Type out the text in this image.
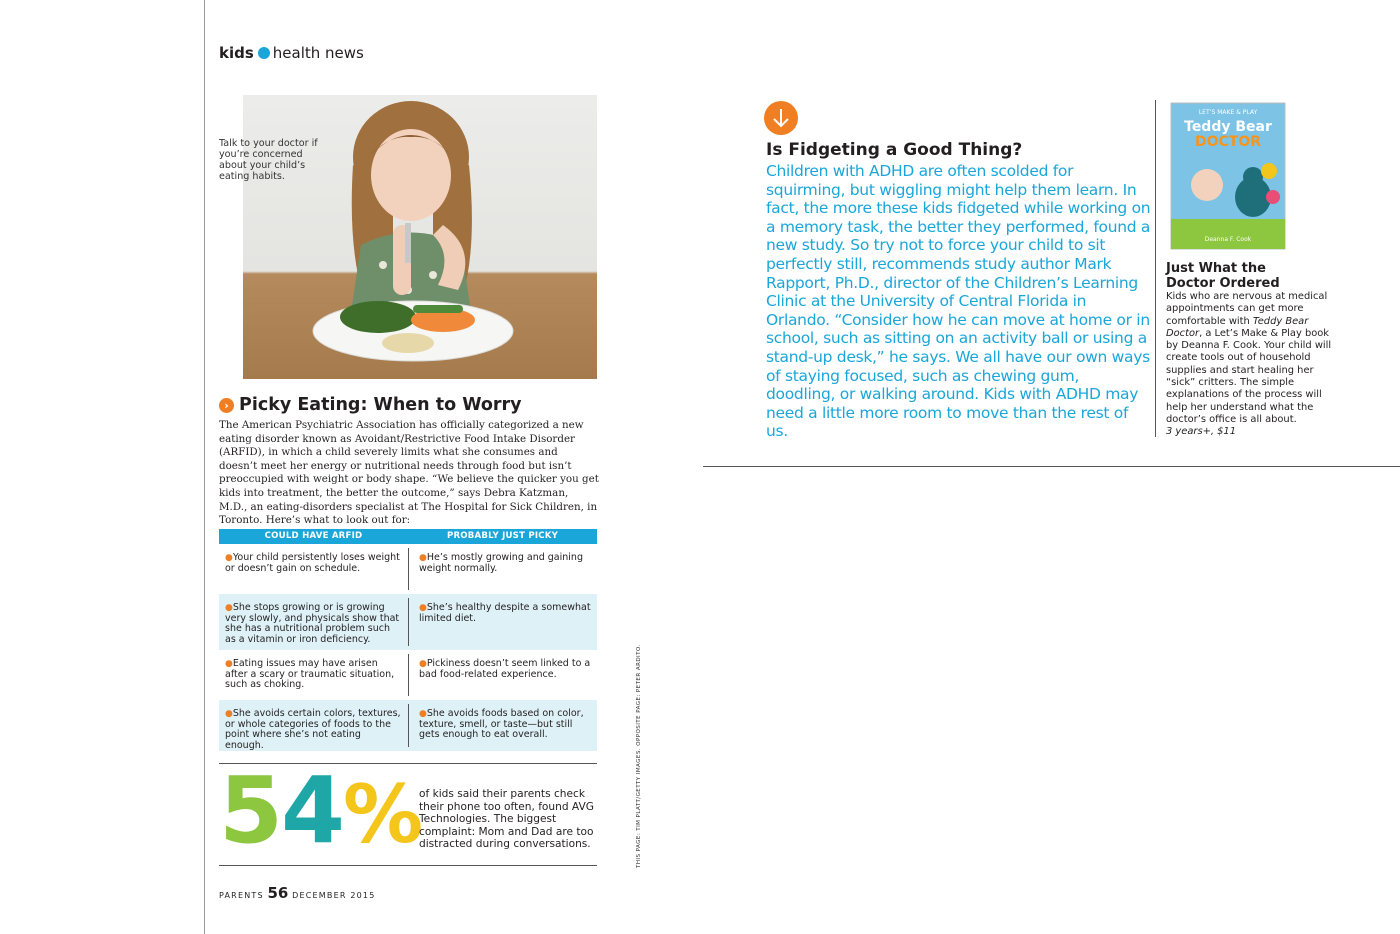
kids health news
Talk to your doctor if you’re concerned about your child’s eating habits.
› Picky Eating: When to Worry
The American Psychiatric Association has officially categorized a new eating disorder known as Avoidant/Restrictive Food Intake Disorder (ARFID), in which a child severely limits what she consumes and doesn’t meet her energy or nutritional needs through food but isn’t preoccupied with weight or body shape. “We believe the quicker you get kids into treatment, the better the outcome,” says Debra Katzman, M.D., an eating-disorders specialist at The Hospital for Sick Children, in Toronto. Here’s what to look out for:
COULD HAVE ARFID	PROBABLY JUST PICKY
●Your child persistently loses weight or doesn’t gain on schedule.
●He’s mostly growing and gaining weight normally.
●She stops growing or is growing very slowly, and physicals show that she has a nutritional problem such as a vitamin or iron deficiency.
●She’s healthy despite a somewhat limited diet.
●Eating issues may have arisen after a scary or traumatic situation, such as choking.
●Pickiness doesn’t seem linked to a bad food-related experience.
●She avoids certain colors, textures, or whole categories of foods to the point where she’s not eating enough.
●She avoids foods based on color, texture, smell, or taste—but still gets enough to eat overall.
5
4
%
of kids said their parents check their phone too often, found AVG Technologies. The biggest complaint: Mom and Dad are too distracted during conversations.
PARENTS 56 DECEMBER 2015
THIS PAGE: TIM PLATT/GETTY IMAGES. OPPOSITE PAGE: PETER ARDITO.
Is Fidgeting a Good Thing?
Children with ADHD are often scolded for squirming, but wiggling might help them learn. In fact, the more these kids fidgeted while working on a memory task, the better they performed, found a new study. So try not to force your child to sit perfectly still, recommends study author Mark Rapport, Ph.D., director of the Children’s Learning Clinic at the University of Central Florida in Orlando. “Consider how he can move at home or in school, such as sitting on an activity ball or using a stand-up desk,” he says. We all have our own ways of staying focused, such as chewing gum, doodling, or walking around. Kids with ADHD may need a little more room to move than the rest of us.
LET’S MAKE & PLAY
Teddy Bear
DOCTOR
Deanna F. Cook
Just What the Doctor Ordered
Kids who are nervous at medical appointments can get more comfortable with Teddy Bear Doctor, a Let’s Make & Play book by Deanna F. Cook. Your child will create tools out of household supplies and start healing her “sick” critters. The simple explanations of the process will help her understand what the doctor’s office is all about.
3 years+, $11
